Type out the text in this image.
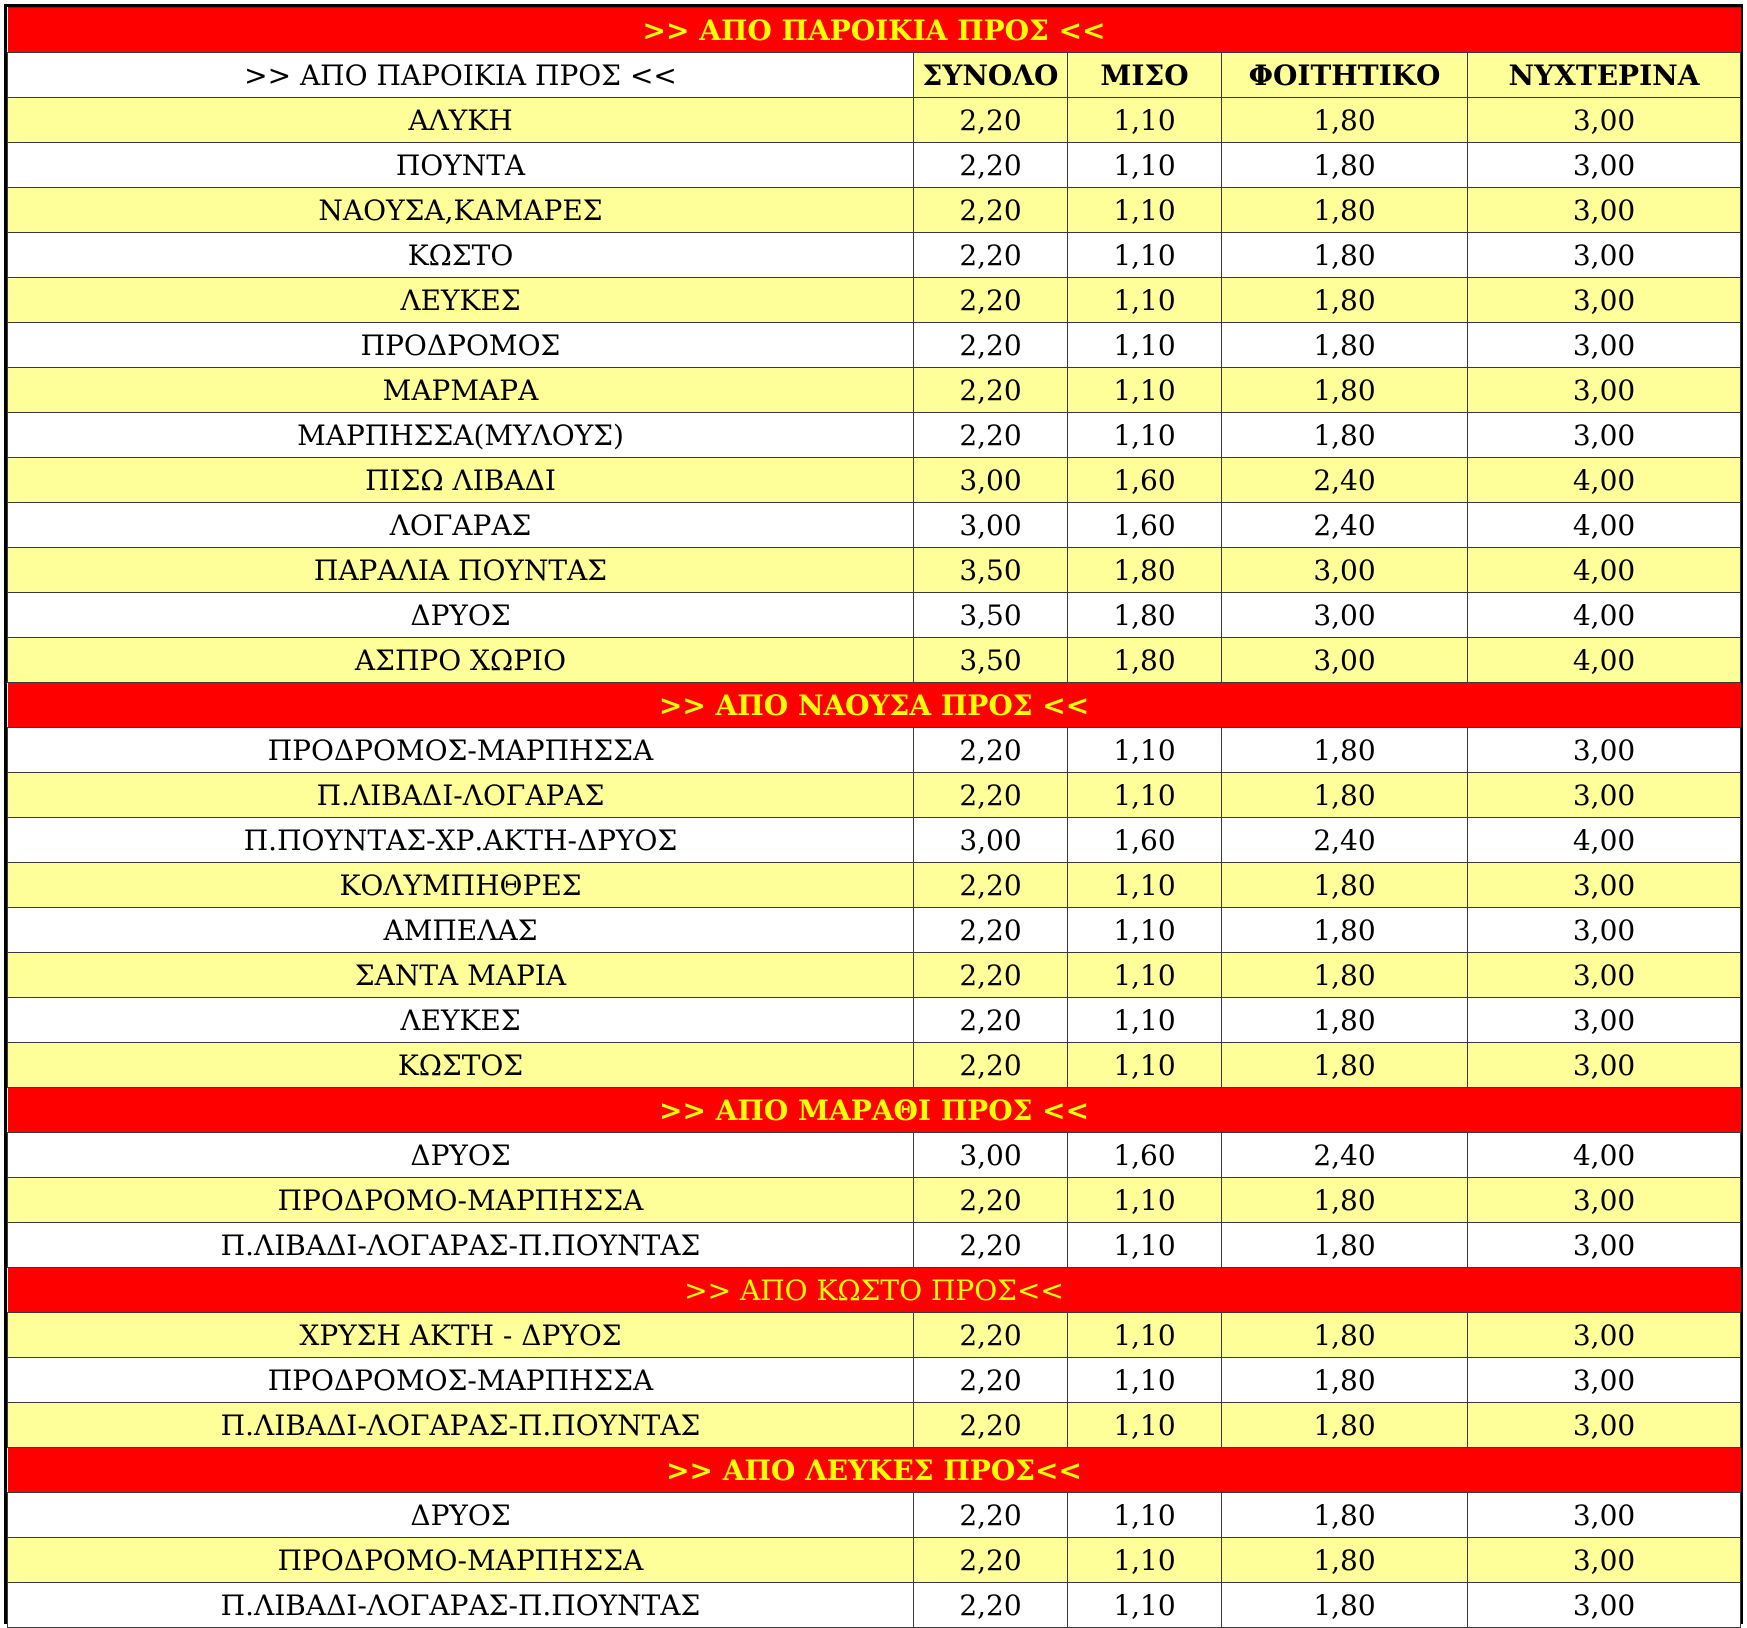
>> ΑΠΟ ΠΑΡΟΙΚΙΑ ΠΡΟΣ <<				
>> ΑΠΟ ΠΑΡΟΙΚΙΑ ΠΡΟΣ <<	ΣΥΝΟΛΟ	ΜΙΣΟ	ΦΟΙΤΗΤΙΚΟ	ΝΥΧΤΕΡΙΝΑ
ΑΛΥΚΗ	2,20	1,10	1,80	3,00
ΠΟΥΝΤΑ	2,20	1,10	1,80	3,00
ΝΑΟΥΣΑ,ΚΑΜΑΡΕΣ	2,20	1,10	1,80	3,00
ΚΩΣΤΟ	2,20	1,10	1,80	3,00
ΛΕΥΚΕΣ	2,20	1,10	1,80	3,00
ΠΡΟΔΡΟΜΟΣ	2,20	1,10	1,80	3,00
ΜΑΡΜΑΡΑ	2,20	1,10	1,80	3,00
ΜΑΡΠΗΣΣΑ(ΜΥΛΟΥΣ)	2,20	1,10	1,80	3,00
ΠΙΣΩ ΛΙΒΑΔΙ	3,00	1,60	2,40	4,00
ΛΟΓΑΡΑΣ	3,00	1,60	2,40	4,00
ΠΑΡΑΛΙΑ ΠΟΥΝΤΑΣ	3,50	1,80	3,00	4,00
ΔΡΥΟΣ	3,50	1,80	3,00	4,00
ΑΣΠΡΟ ΧΩΡΙΟ	3,50	1,80	3,00	4,00
>> ΑΠΟ ΝΑΟΥΣΑ ΠΡΟΣ <<				
ΠΡΟΔΡΟΜΟΣ-ΜΑΡΠΗΣΣΑ	2,20	1,10	1,80	3,00
Π.ΛΙΒΑΔΙ-ΛΟΓΑΡΑΣ	2,20	1,10	1,80	3,00
Π.ΠΟΥΝΤΑΣ-ΧΡ.ΑΚΤΗ-ΔΡΥΟΣ	3,00	1,60	2,40	4,00
ΚΟΛΥΜΠΗΘΡΕΣ	2,20	1,10	1,80	3,00
ΑΜΠΕΛΑΣ	2,20	1,10	1,80	3,00
ΣΑΝΤΑ ΜΑΡΙΑ	2,20	1,10	1,80	3,00
ΛΕΥΚΕΣ	2,20	1,10	1,80	3,00
ΚΩΣΤΟΣ	2,20	1,10	1,80	3,00
>> ΑΠΟ ΜΑΡΑΘΙ ΠΡΟΣ <<				
ΔΡΥΟΣ	3,00	1,60	2,40	4,00
ΠΡΟΔΡΟΜΟ-ΜΑΡΠΗΣΣΑ	2,20	1,10	1,80	3,00
Π.ΛΙΒΑΔΙ-ΛΟΓΑΡΑΣ-Π.ΠΟΥΝΤΑΣ	2,20	1,10	1,80	3,00
>> ΑΠΟ ΚΩΣΤΟ ΠΡΟΣ<<				
ΧΡΥΣΗ ΑΚΤΗ - ΔΡΥΟΣ	2,20	1,10	1,80	3,00
ΠΡΟΔΡΟΜΟΣ-ΜΑΡΠΗΣΣΑ	2,20	1,10	1,80	3,00
Π.ΛΙΒΑΔΙ-ΛΟΓΑΡΑΣ-Π.ΠΟΥΝΤΑΣ	2,20	1,10	1,80	3,00
>> ΑΠΟ ΛΕΥΚΕΣ ΠΡΟΣ<<				
ΔΡΥΟΣ	2,20	1,10	1,80	3,00
ΠΡΟΔΡΟΜΟ-ΜΑΡΠΗΣΣΑ	2,20	1,10	1,80	3,00
Π.ΛΙΒΑΔΙ-ΛΟΓΑΡΑΣ-Π.ΠΟΥΝΤΑΣ	2,20	1,10	1,80	3,00
